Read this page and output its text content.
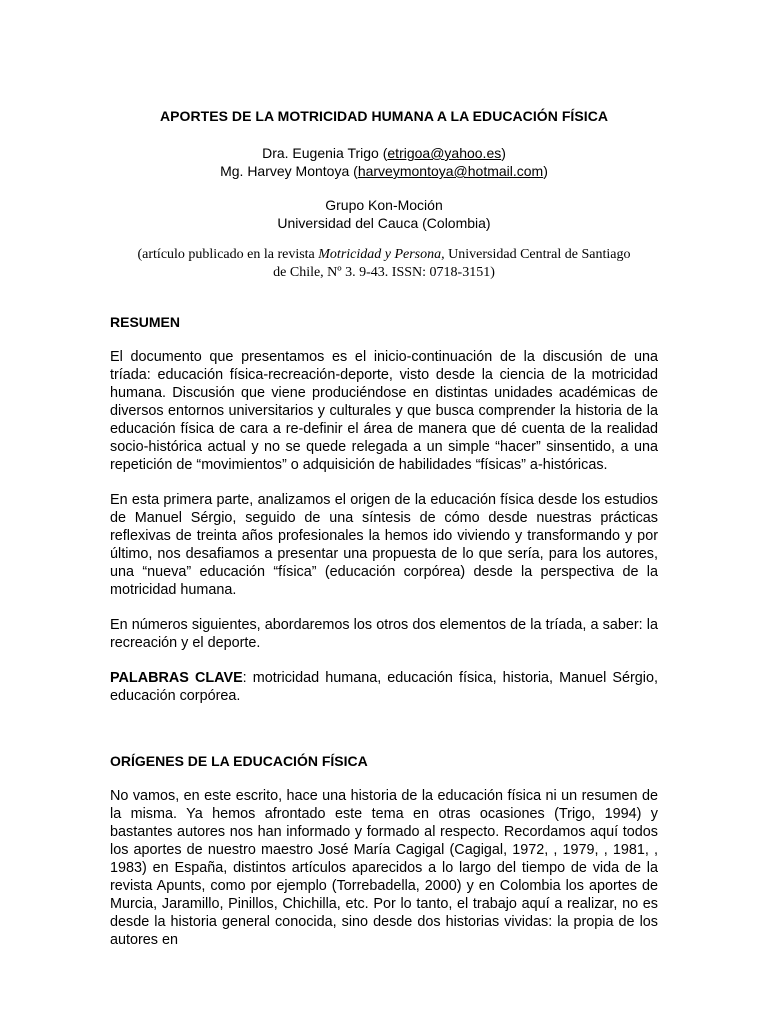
APORTES DE LA MOTRICIDAD HUMANA A LA EDUCACIÓN FÍSICA
Dra. Eugenia Trigo (etrigoa@yahoo.es)
Mg. Harvey Montoya (harveymontoya@hotmail.com)
Grupo Kon-Moción
Universidad del Cauca (Colombia)
(artículo publicado en la revista Motricidad y Persona, Universidad Central de Santiago
de Chile, Nº 3. 9-43. ISSN: 0718-3151)
RESUMEN

El documento que presentamos es el inicio-continuación de la discusión de una tríada: educación física-recreación-deporte, visto desde la ciencia de la motricidad humana. Discusión que viene produciéndose en distintas unidades académicas de diversos entornos universitarios y culturales y que busca comprender la historia de la educación física de cara a re-definir el área de manera que dé cuenta de la realidad socio-histórica actual y no se quede relegada a un simple “hacer” sinsentido, a una repetición de “movimientos” o adquisición de habilidades “físicas” a-históricas.

En esta primera parte, analizamos el origen de la educación física desde los estudios de Manuel Sérgio, seguido de una síntesis de cómo desde nuestras prácticas reflexivas de treinta años profesionales la hemos ido viviendo y transformando y por último, nos desafiamos a presentar una propuesta de lo que sería, para los autores, una “nueva” educación “física” (educación corpórea) desde la perspectiva de la motricidad humana.

En números siguientes, abordaremos los otros dos elementos de la tríada, a saber: la recreación y el deporte.

PALABRAS CLAVE: motricidad humana, educación física, historia, Manuel Sérgio, educación corpórea.

ORÍGENES DE LA EDUCACIÓN FÍSICA

No vamos, en este escrito, hace una historia de la educación física ni un resumen de la misma. Ya hemos afrontado este tema en otras ocasiones (Trigo, 1994) y bastantes autores nos han informado y formado al respecto. Recordamos aquí todos los aportes de nuestro maestro José María Cagigal (Cagigal, 1972, , 1979, , 1981, , 1983) en España, distintos artículos aparecidos a lo largo del tiempo de vida de la revista Apunts, como por ejemplo (Torrebadella, 2000) y en Colombia los aportes de Murcia, Jaramillo, Pinillos, Chichilla, etc. Por lo tanto, el trabajo aquí a realizar, no es desde la historia general conocida, sino desde dos historias vividas: la propia de los autores en
